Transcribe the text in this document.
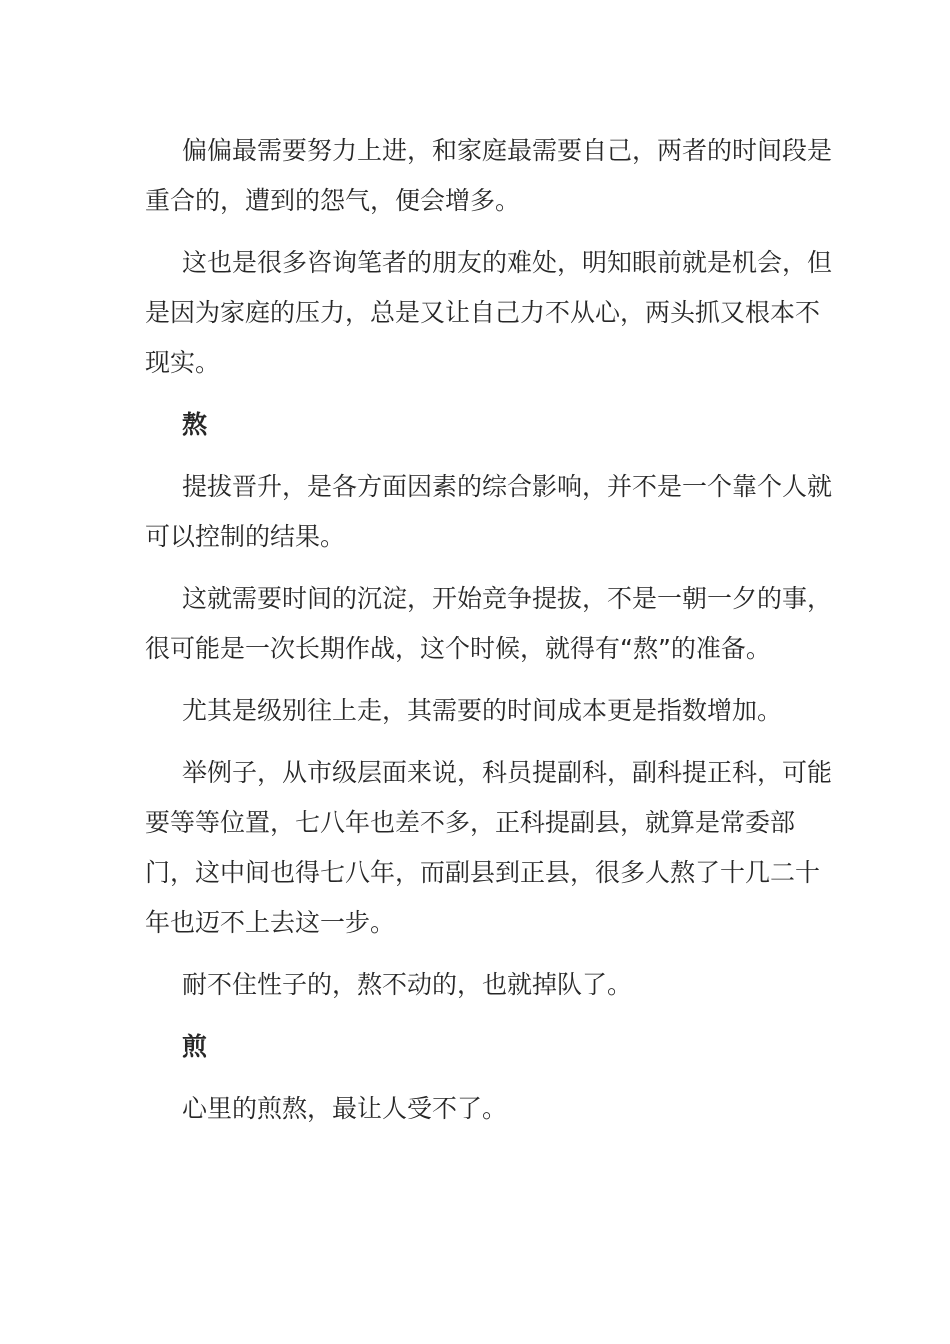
偏偏最需要努力上进，和家庭最需要自己，两者的时间段是重合的，遭到的怨气，便会增多。

这也是很多咨询笔者的朋友的难处，明知眼前就是机会，但是因为家庭的压力，总是又让自己力不从心，两头抓又根本不现实。

熬

提拔晋升，是各方面因素的综合影响，并不是一个靠个人就可以控制的结果。

这就需要时间的沉淀，开始竞争提拔，不是一朝一夕的事，很可能是一次长期作战，这个时候，就得有“熬”的准备。

尤其是级别往上走，其需要的时间成本更是指数增加。

举例子，从市级层面来说，科员提副科，副科提正科，可能要等等位置，七八年也差不多，正科提副县，就算是常委部门，这中间也得七八年，而副县到正县，很多人熬了十几二十年也迈不上去这一步。

耐不住性子的，熬不动的，也就掉队了。

煎

心里的煎熬，最让人受不了。
